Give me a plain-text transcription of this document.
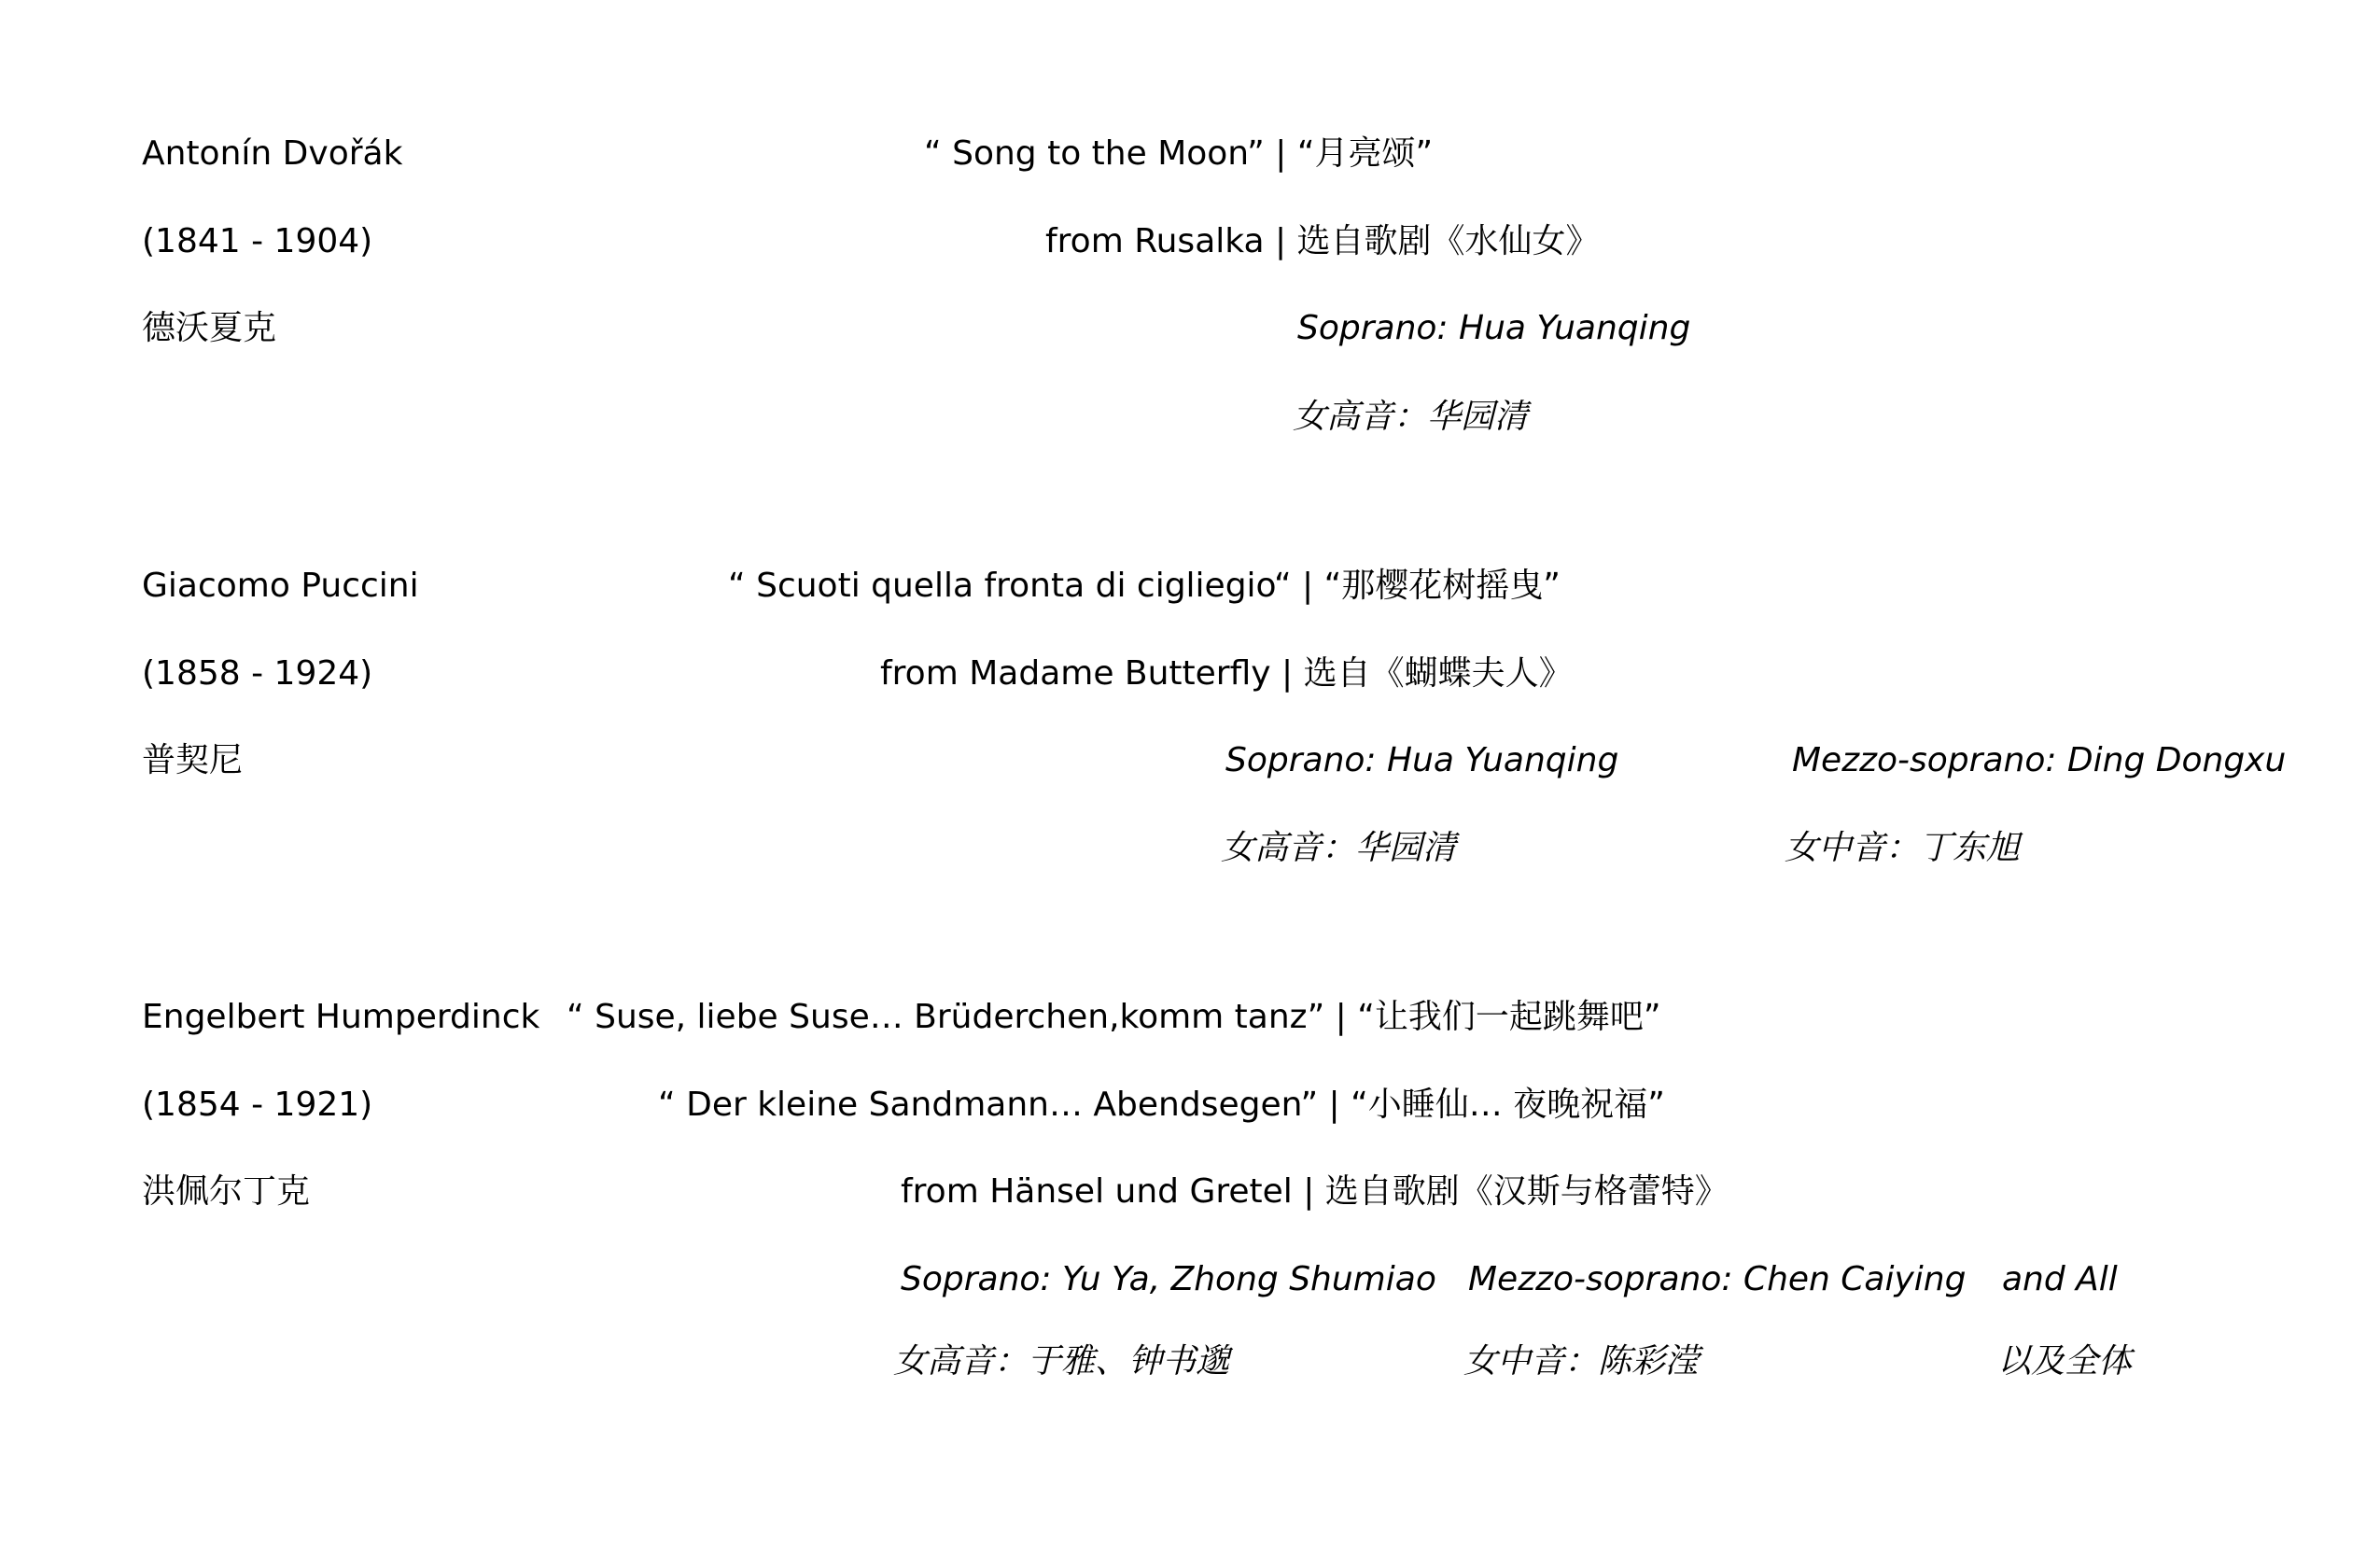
Antonín Dvořák
(1841 - 1904)
德沃夏克
“ Song to the Moon” | “月亮颂”
from Rusalka | 选自歌剧《水仙女》
Soprano: Hua Yuanqing
女高音：华园清
Giacomo Puccini
(1858 - 1924)
普契尼
“ Scuoti quella fronta di cigliegio“ | “那樱花树摇曳”
from Madame Butterfly | 选自《蝴蝶夫人》
Soprano: Hua Yuanqing
女高音：华园清
Mezzo-soprano: Ding Dongxu
女中音：丁东旭
Engelbert Humperdinck
(1854 - 1921)
洪佩尔丁克
“ Suse, liebe Suse… Brüderchen,komm tanz” | “让我们一起跳舞吧”
“ Der kleine Sandmann… Abendsegen” | “小睡仙… 夜晚祝福”
from Hänsel und Gretel | 选自歌剧《汉斯与格蕾特》
Soprano: Yu Ya, Zhong Shumiao
女高音：于雅、钟书邈
Mezzo-soprano: Chen Caiying
女中音：陈彩滢
and All
以及全体
